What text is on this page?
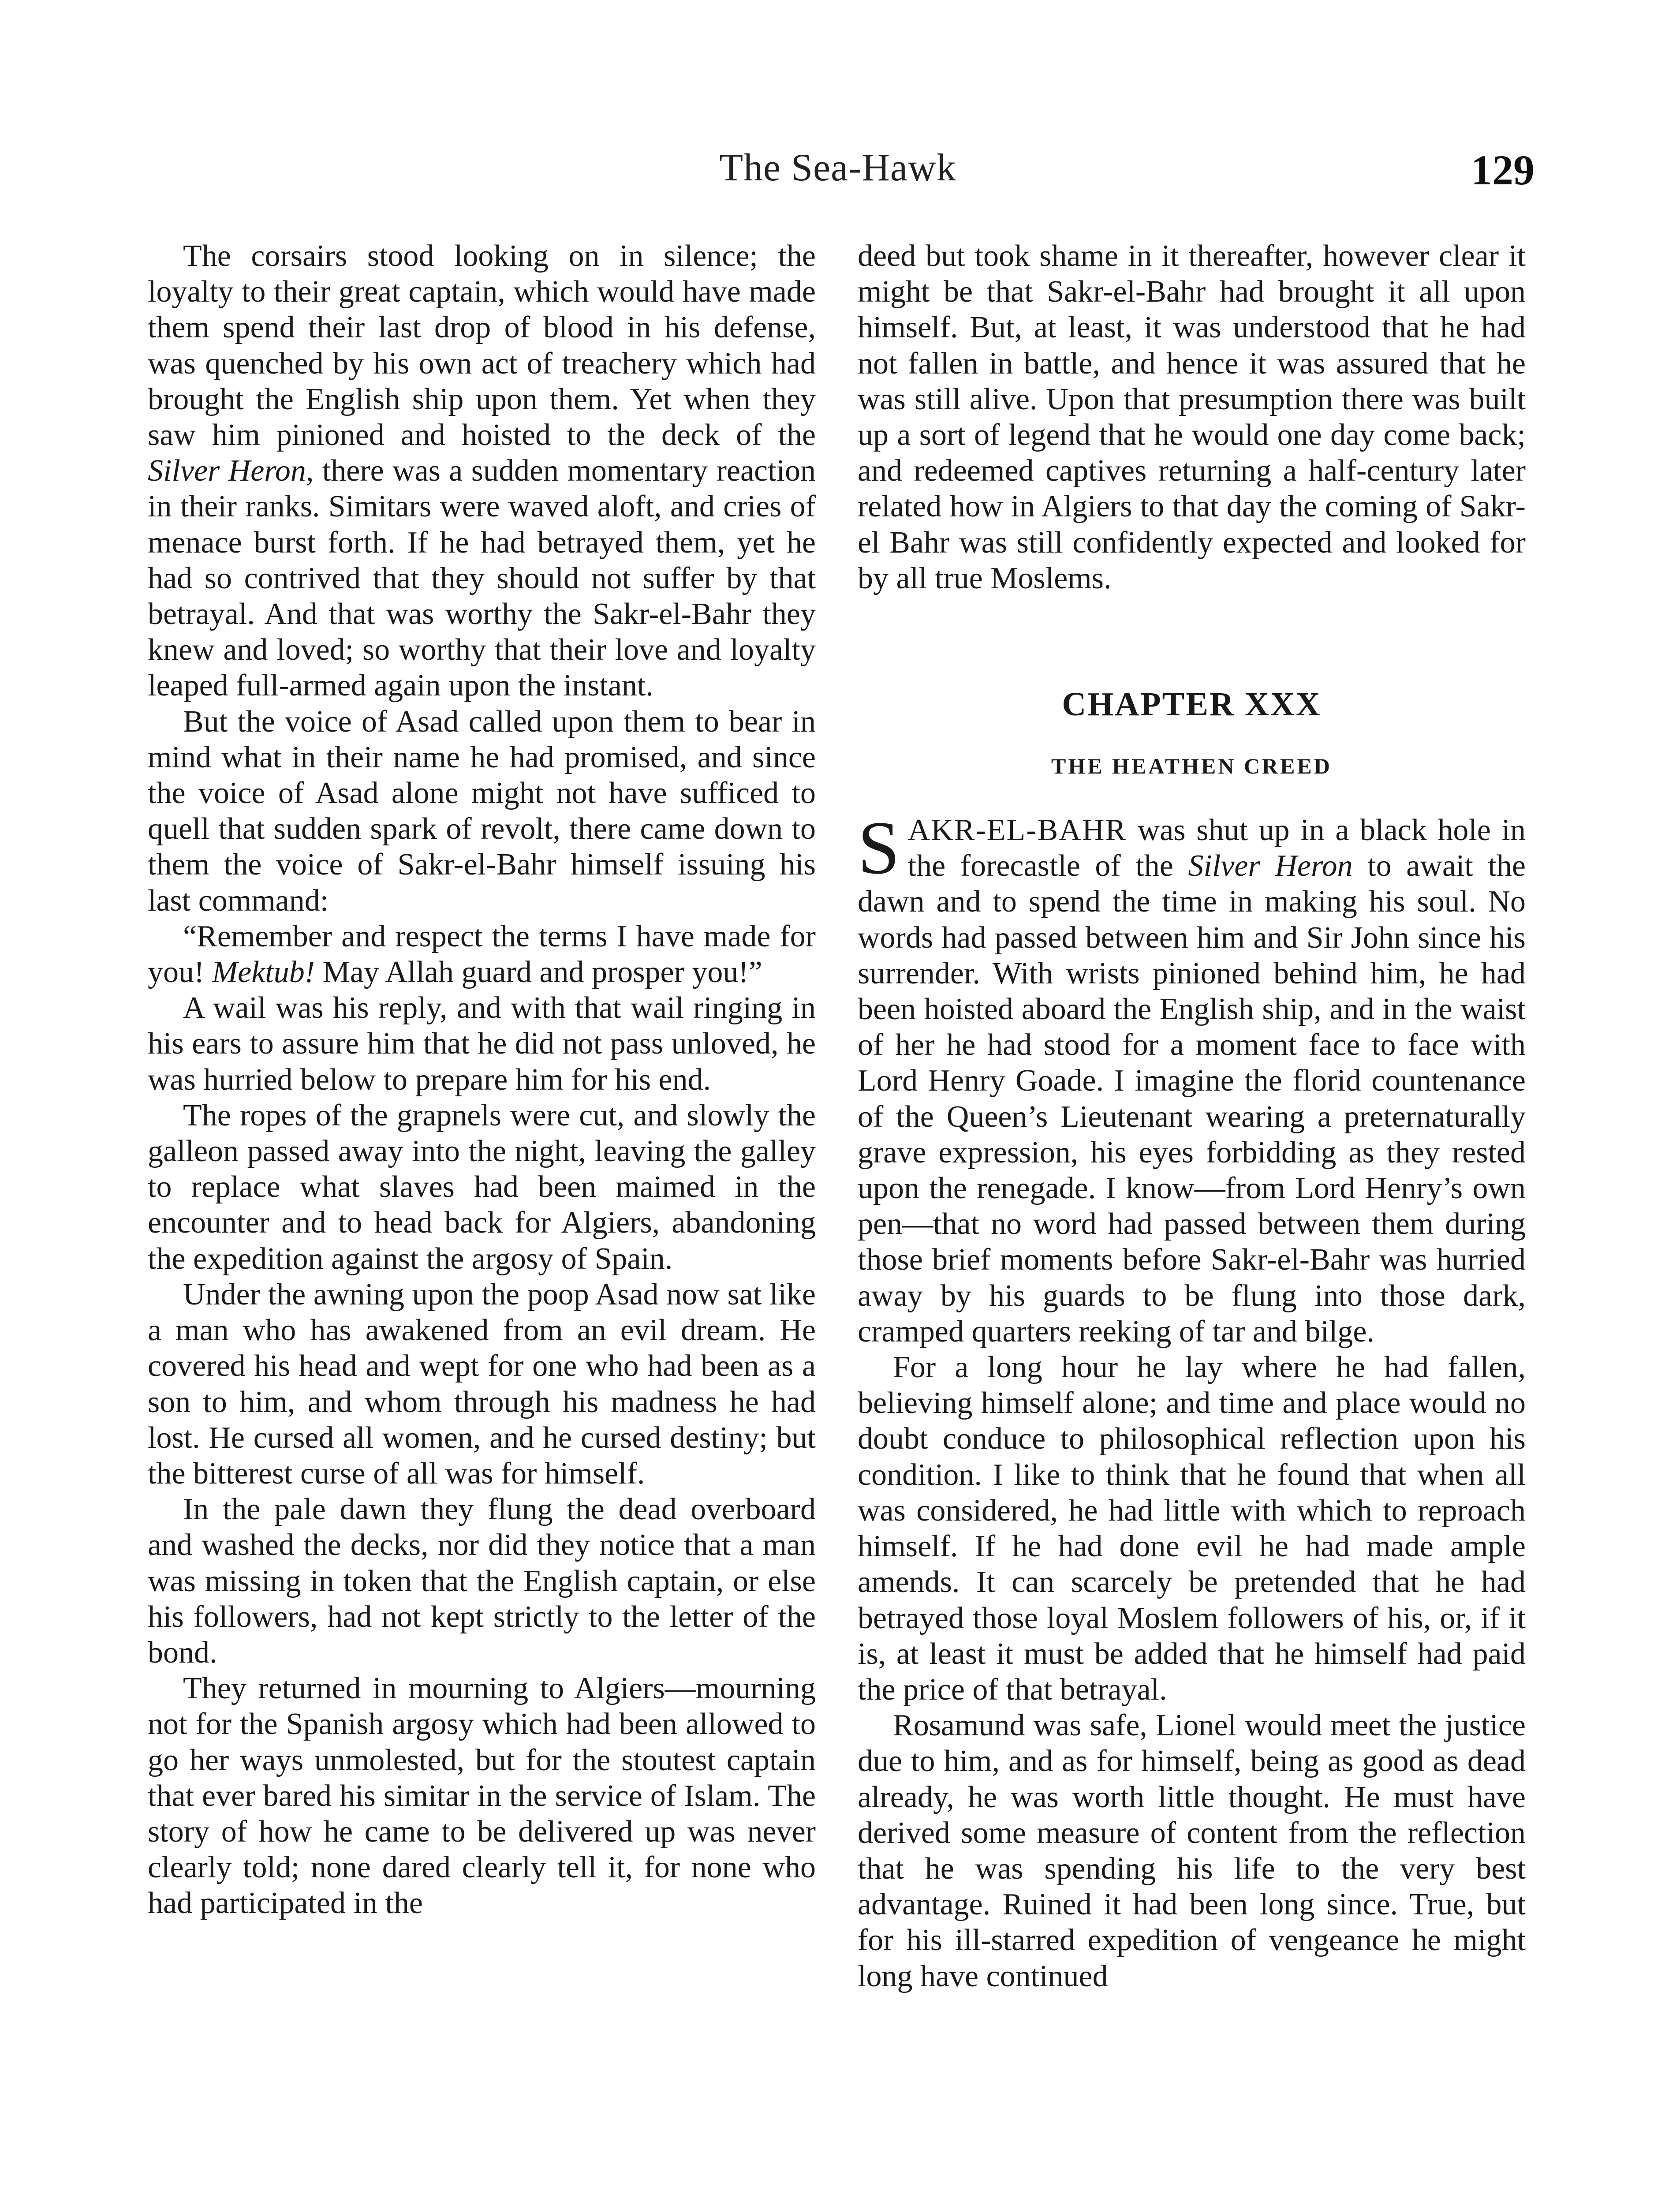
The Sea-Hawk	129

The corsairs stood looking on in silence; the loyalty to their great captain, which would have made them spend their last drop of blood in his defense, was quenched by his own act of treachery which had brought the English ship upon them. Yet when they saw him pinioned and hoisted to the deck of the Silver Heron, there was a sudden momentary reaction in their ranks. Simitars were waved aloft, and cries of menace burst forth. If he had betrayed them, yet he had so contrived that they should not suffer by that betrayal. And that was worthy the Sakr-el-Bahr they knew and loved; so worthy that their love and loyalty leaped full-armed again upon the instant.

But the voice of Asad called upon them to bear in mind what in their name he had promised, and since the voice of Asad alone might not have sufficed to quell that sudden spark of revolt, there came down to them the voice of Sakr-el-Bahr himself issuing his last command:

“Remember and respect the terms I have made for you! Mektub! May Allah guard and prosper you!”

A wail was his reply, and with that wail ringing in his ears to assure him that he did not pass unloved, he was hurried below to prepare him for his end.

The ropes of the grapnels were cut, and slowly the galleon passed away into the night, leaving the galley to replace what slaves had been maimed in the encounter and to head back for Algiers, abandoning the expedition against the argosy of Spain.

Under the awning upon the poop Asad now sat like a man who has awakened from an evil dream. He covered his head and wept for one who had been as a son to him, and whom through his madness he had lost. He cursed all women, and he cursed destiny; but the bitterest curse of all was for himself.

In the pale dawn they flung the dead overboard and washed the decks, nor did they notice that a man was missing in token that the English captain, or else his followers, had not kept strictly to the letter of the bond.

They returned in mourning to Algiers—mourning not for the Spanish argosy which had been allowed to go her ways unmolested, but for the stoutest captain that ever bared his simitar in the service of Islam. The story of how he came to be delivered up was never clearly told; none dared clearly tell it, for none who had participated in the

deed but took shame in it thereafter, however clear it might be that Sakr-el-Bahr had brought it all upon himself. But, at least, it was understood that he had not fallen in battle, and hence it was assured that he was still alive. Upon that presumption there was built up a sort of legend that he would one day come back; and redeemed captives returning a half-century later related how in Algiers to that day the coming of Sakr-el Bahr was still confidently expected and looked for by all true Moslems.

CHAPTER XXX
THE HEATHEN CREED

SAKR-EL-BAHR was shut up in a black hole in the forecastle of the Silver Heron to await the dawn and to spend the time in making his soul. No words had passed between him and Sir John since his surrender. With wrists pinioned behind him, he had been hoisted aboard the English ship, and in the waist of her he had stood for a moment face to face with Lord Henry Goade. I imagine the florid countenance of the Queen’s Lieutenant wearing a preternaturally grave expression, his eyes forbidding as they rested upon the renegade. I know—from Lord Henry’s own pen—that no word had passed between them during those brief moments before Sakr-el-Bahr was hurried away by his guards to be flung into those dark, cramped quarters reeking of tar and bilge.

For a long hour he lay where he had fallen, believing himself alone; and time and place would no doubt conduce to philosophical reflection upon his condition. I like to think that he found that when all was considered, he had little with which to reproach himself. If he had done evil he had made ample amends. It can scarcely be pretended that he had betrayed those loyal Moslem followers of his, or, if it is, at least it must be added that he himself had paid the price of that betrayal.

Rosamund was safe, Lionel would meet the justice due to him, and as for himself, being as good as dead already, he was worth little thought. He must have derived some measure of content from the reflection that he was spending his life to the very best advantage. Ruined it had been long since. True, but for his ill-starred expedition of vengeance he might long have continued
